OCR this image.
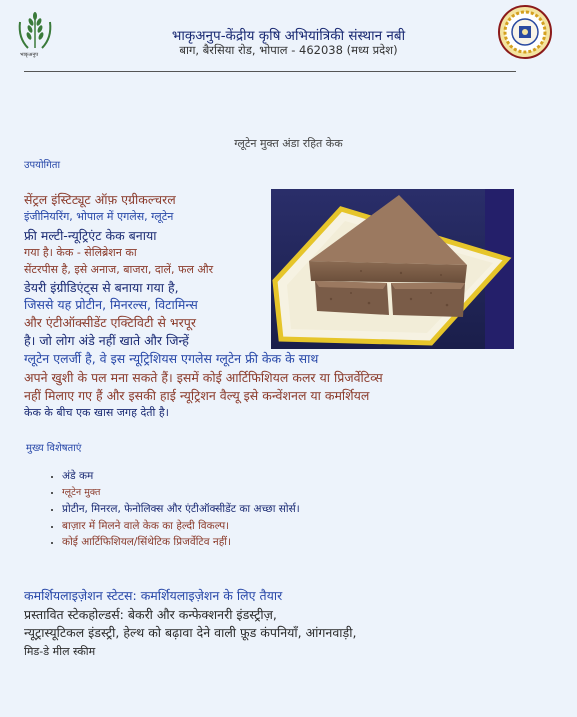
भाकृअनुप
भाकृअनुप-केंद्रीय कृषि अभियांत्रिकी संस्थान नबी
बाग, बैरसिया रोड, भोपाल - 462038 (मध्य प्रदेश)
ग्लूटेन मुक्त अंडा रहित केक
उपयोगिता
सेंट्रल इंस्टिट्यूट ऑफ़ एग्रीकल्चरल
इंजीनियरिंग, भोपाल में एगलेस, ग्लूटेन
फ्री मल्टी-न्यूट्रिएंट केक बनाया
गया है। केक - सेलिब्रेशन का
सेंटरपीस है, इसे अनाज, बाजरा, दालें, फल और
डेयरी इंग्रीडिएंट्स से बनाया गया है,
जिससे यह प्रोटीन, मिनरल्स, विटामिन्स
और एंटीऑक्सीडेंट एक्टिविटी से भरपूर
है। जो लोग अंडे नहीं खाते और जिन्हें
ग्लूटेन एलर्जी है, वे इस न्यूट्रिशियस एगलेस ग्लूटेन फ्री केक के साथ
अपने खुशी के पल मना सकते हैं। इसमें कोई आर्टिफिशियल कलर या प्रिजर्वेटिव्स
नहीं मिलाए गए हैं और इसकी हाई न्यूट्रिशन वैल्यू इसे कन्वेंशनल या कमर्शियल
केक के बीच एक खास जगह देती है।
मुख्य विशेषताएं
• अंडे कम
• ग्लूटेन मुक्त
• प्रोटीन, मिनरल, फेनोलिक्स और एंटीऑक्सीडेंट का अच्छा सोर्स।
• बाज़ार में मिलने वाले केक का हेल्दी विकल्प।
• कोई आर्टिफिशियल/सिंथेटिक प्रिजर्वेटिव नहीं।
कमर्शियलाइज़ेशन स्टेटस: कमर्शियलाइज़ेशन के लिए तैयार
प्रस्तावित स्टेकहोल्डर्स: बेकरी और कन्फेक्शनरी इंडस्ट्रीज़,
न्यूट्रास्यूटिकल इंडस्ट्री, हेल्थ को बढ़ावा देने वाली फ़ूड कंपनियाँ, आंगनवाड़ी,
मिड-डे मील स्कीम
